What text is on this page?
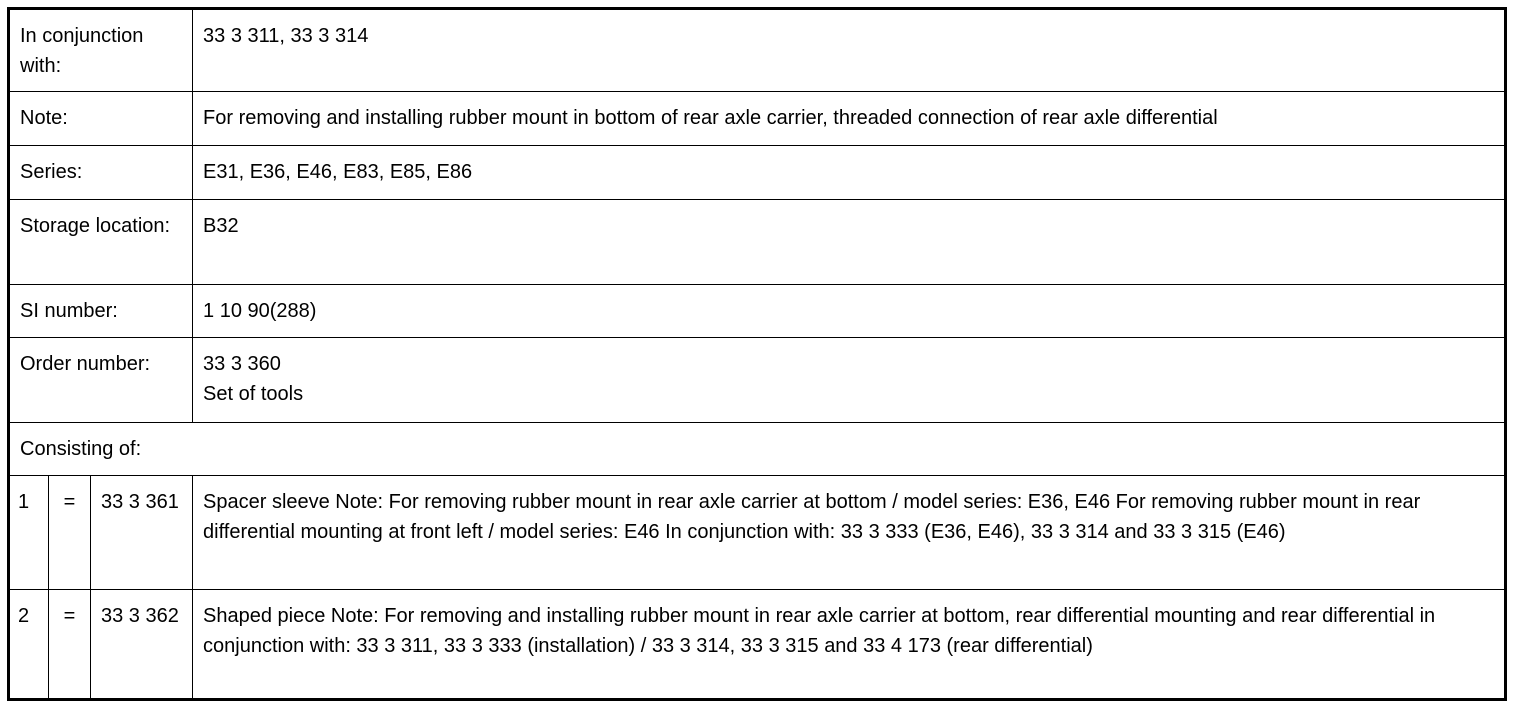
In conjunction with:			33 3 311, 33 3 314
Note:			For removing and installing rubber mount in bottom of rear axle carrier, threaded connection of rear axle differential
Series:			E31, E36, E46, E83, E85, E86
Storage location:			B32
SI number:			1 10 90(288)
Order number:			33 3 360
Set of tools

Consisting of:			
1	=	33 3 361	Spacer sleeve Note: For removing rubber mount in rear axle carrier at bottom / model series: E36, E46 For removing rubber mount in rear differential mounting at front left / model series: E46 In conjunction with: 33 3 333 (E36, E46), 33 3 314 and 33 3 315 (E46)
2	=	33 3 362	Shaped piece Note: For removing and installing rubber mount in rear axle carrier at bottom, rear differential mounting and rear differential in conjunction with: 33 3 311, 33 3 333 (installation) / 33 3 314, 33 3 315 and 33 4 173 (rear differential)
